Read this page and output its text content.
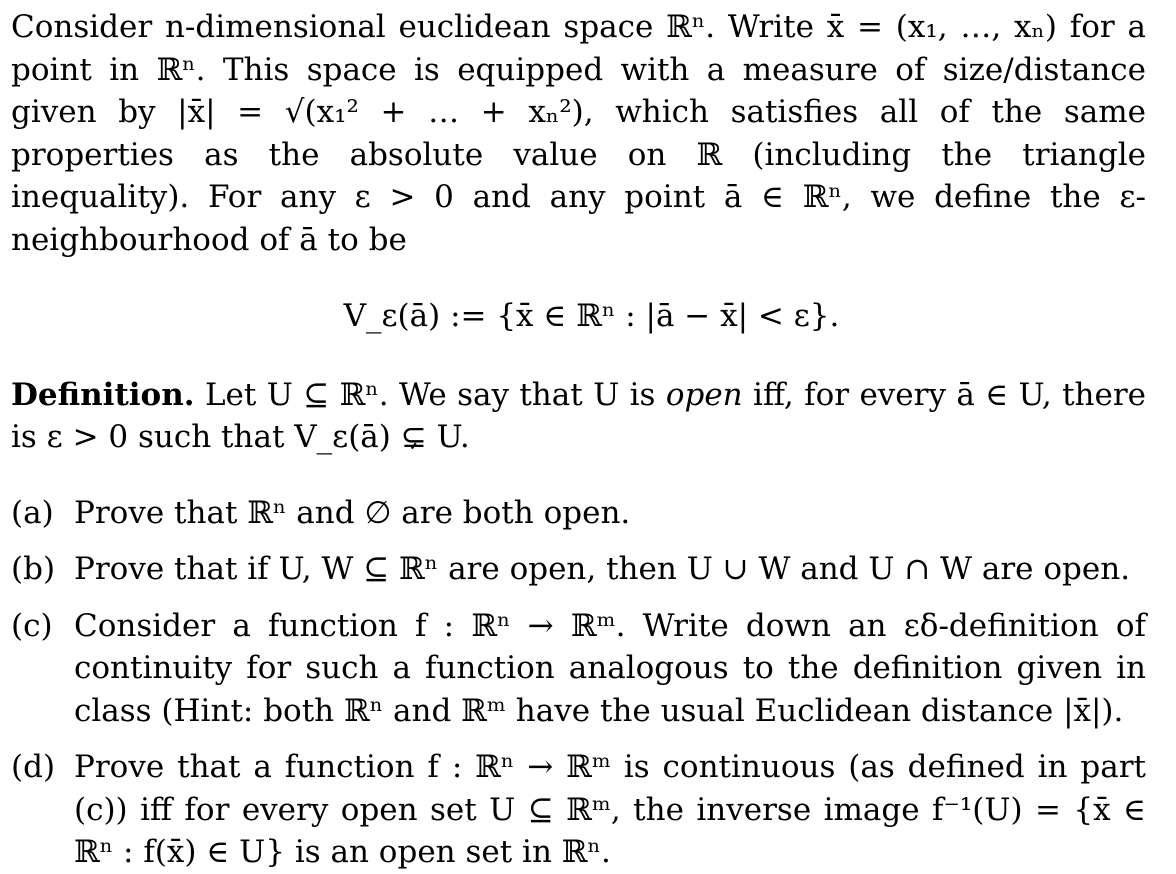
Consider n-dimensional euclidean space ℝⁿ. Write x̄ = (x₁, …, xₙ) for a point in ℝⁿ. This space is equipped with a measure of size/distance given by |x̄| = √(x₁² + … + xₙ²), which satisfies all of the same properties as the absolute value on ℝ (including the triangle inequality). For any ε > 0 and any point ā ∈ ℝⁿ, we define the ε-neighbourhood of ā to be

V_ε(ā) := {x̄ ∈ ℝⁿ : |ā − x̄| < ε}.

Definition. Let U ⊆ ℝⁿ. We say that U is open iff, for every ā ∈ U, there is ε > 0 such that V_ε(ā) ⊊ U.

(a) Prove that ℝⁿ and ∅ are both open.
(b) Prove that if U, W ⊆ ℝⁿ are open, then U ∪ W and U ∩ W are open.
(c) Consider a function f : ℝⁿ → ℝᵐ. Write down an εδ-definition of continuity for such a function analogous to the definition given in class (Hint: both ℝⁿ and ℝᵐ have the usual Euclidean distance |x̄|).
(d) Prove that a function f : ℝⁿ → ℝᵐ is continuous (as defined in part (c)) iff for every open set U ⊆ ℝᵐ, the inverse image f⁻¹(U) = {x̄ ∈ ℝⁿ : f(x̄) ∈ U} is an open set in ℝⁿ.
